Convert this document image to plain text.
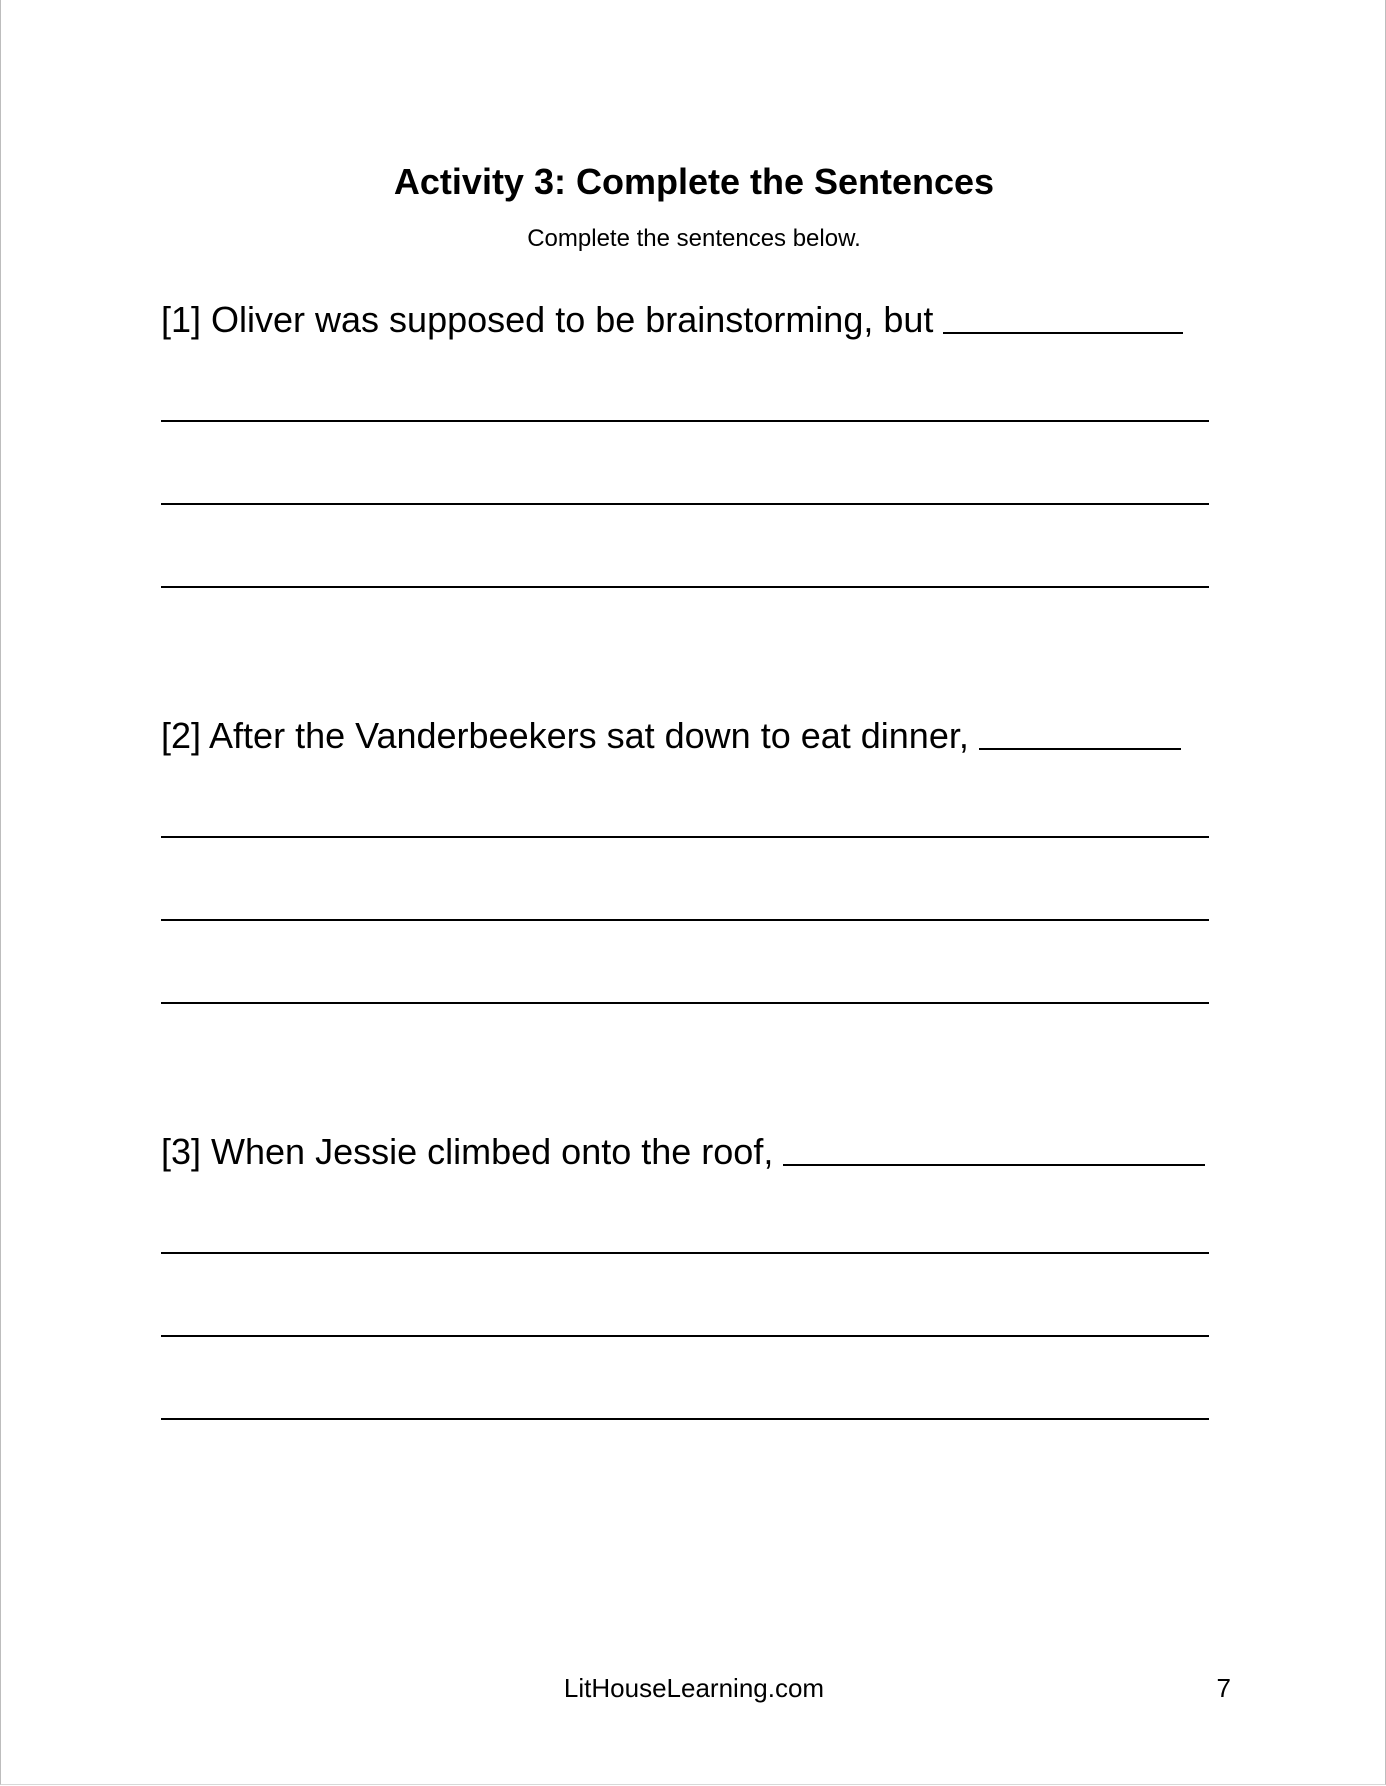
Activity 3: Complete the Sentences
Complete the sentences below.
[1] Oliver was supposed to be brainstorming, but
[2] After the Vanderbeekers sat down to eat dinner,
[3] When Jessie climbed onto the roof,
LitHouseLearning.com	7
